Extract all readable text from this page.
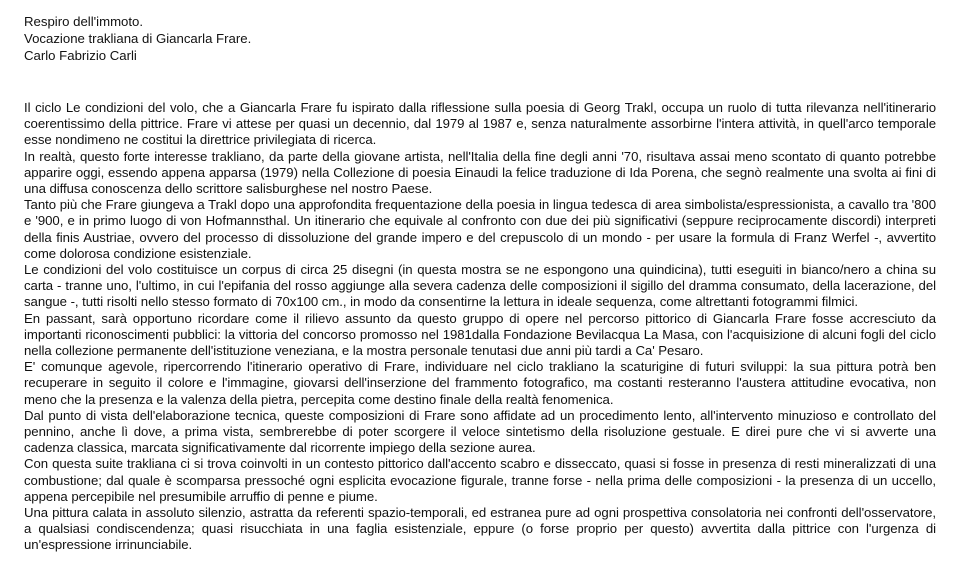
Respiro dell'immoto.

Vocazione trakliana di Giancarla Frare.

Carlo Fabrizio Carli

Il ciclo Le condizioni del volo, che a Giancarla Frare fu ispirato dalla riflessione sulla poesia di Georg Trakl, occupa un ruolo di tutta rilevanza nell'itinerario coerentissimo della pittrice. Frare vi attese per quasi un decennio, dal 1979 al 1987 e, senza naturalmente assorbirne l'intera attività, in quell'arco temporale esse nondimeno ne costitui la direttrice privilegiata di ricerca.

In realtà, questo forte interesse trakliano, da parte della giovane artista, nell'Italia della fine degli anni '70, risultava assai meno scontato di quanto potrebbe apparire oggi, essendo appena apparsa (1979) nella Collezione di poesia Einaudi la felice traduzione di Ida Porena, che segnò realmente una svolta ai fini di una diffusa conoscenza dello scrittore salisburghese nel nostro Paese.

Tanto più che Frare giungeva a Trakl dopo una approfondita frequentazione della poesia in lingua tedesca di area simbolista/espressionista, a cavallo tra '800 e '900, e in primo luogo di von Hofmannsthal. Un itinerario che equivale al confronto con due dei più significativi (seppure reciprocamente discordi) interpreti della finis Austriae, ovvero del processo di dissoluzione del grande impero e del crepuscolo di un mondo - per usare la formula di Franz Werfel -, avvertito come dolorosa condizione esistenziale.

Le condizioni del volo costituisce un corpus di circa 25 disegni (in questa mostra se ne espongono una quindicina), tutti eseguiti in bianco/nero a china su carta - tranne uno, l'ultimo, in cui l'epifania del rosso aggiunge alla severa cadenza delle composizioni il sigillo del dramma consumato, della lacerazione, del sangue -, tutti risolti nello stesso formato di 70x100 cm., in modo da consentirne la lettura in ideale sequenza, come altrettanti fotogrammi filmici.

En passant, sarà opportuno ricordare come il rilievo assunto da questo gruppo di opere nel percorso pittorico di Giancarla Frare fosse accresciuto da importanti riconoscimenti pubblici: la vittoria del concorso promosso nel 1981dalla Fondazione Bevilacqua La Masa, con l'acquisizione di alcuni fogli del ciclo nella collezione permanente dell'istituzione veneziana, e la mostra personale tenutasi due anni più tardi a Ca' Pesaro.

E' comunque agevole, ripercorrendo l'itinerario operativo di Frare, individuare nel ciclo trakliano la scaturigine di futuri sviluppi: la sua pittura potrà ben recuperare in seguito il colore e l'immagine, giovarsi dell'inserzione del frammento fotografico, ma costanti resteranno l'austera attitudine evocativa, non meno che la presenza e la valenza della pietra, percepita come destino finale della realtà fenomenica.

Dal punto di vista dell'elaborazione tecnica, queste composizioni di Frare sono affidate ad un procedimento lento, all'intervento minuzioso e controllato del pennino, anche lì dove, a prima vista, sembrerebbe di poter scorgere il veloce sintetismo della risoluzione gestuale. E direi pure che vi si avverte una cadenza classica, marcata significativamente dal ricorrente impiego della sezione aurea.

Con questa suite trakliana ci si trova coinvolti in un contesto pittorico dall'accento scabro e disseccato, quasi si fosse in presenza di resti mineralizzati di una combustione; dal quale è scomparsa pressoché ogni esplicita evocazione figurale, tranne forse - nella prima delle composizioni - la presenza di un uccello, appena percepibile nel presumibile arruffio di penne e piume.

Una pittura calata in assoluto silenzio, astratta da referenti spazio-temporali, ed estranea pure ad ogni prospettiva consolatoria nei confronti dell'osservatore, a qualsiasi condiscendenza; quasi risucchiata in una faglia esistenziale, eppure (o forse proprio per questo) avvertita dalla pittrice con l'urgenza di un'espressione irrinunciabile.
